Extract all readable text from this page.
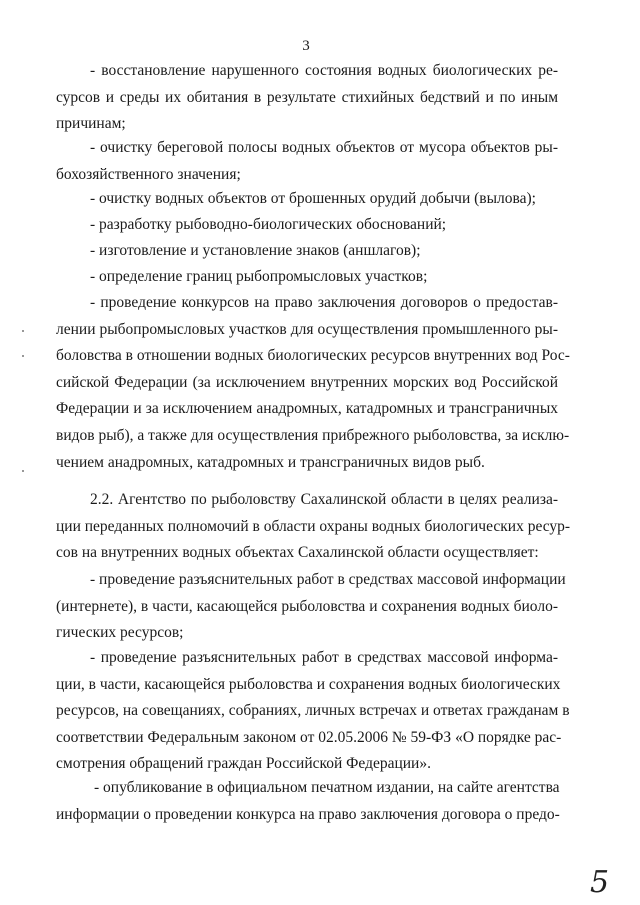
3
- восстановление нарушенного состояния водных биологических ре-
сурсов и среды их обитания в результате стихийных бедствий и по иным
причинам;
- очистку береговой полосы водных объектов от мусора объектов ры-
бохозяйственного значения;
- очистку водных объектов от брошенных орудий добычи (вылова);
- разработку рыбоводно-биологических обоснований;
- изготовление и установление знаков (аншлагов);
- определение границ рыбопромысловых участков;
- проведение конкурсов на право заключения договоров о предостав-
лении рыбопромысловых участков для осуществления промышленного ры-
боловства в отношении водных биологических ресурсов внутренних вод Рос-
сийской Федерации (за исключением внутренних морских вод Российской
Федерации и за исключением анадромных, катадромных и трансграничных
видов рыб), а также для осуществления прибрежного рыболовства, за исклю-
чением анадромных, катадромных и трансграничных видов рыб.
2.2. Агентство по рыболовству Сахалинской области в целях реализа-
ции переданных полномочий в области охраны водных биологических ресур-
сов на внутренних водных объектах Сахалинской области осуществляет:
- проведение разъяснительных работ в средствах массовой информации
(интернете), в части, касающейся рыболовства и сохранения водных биоло-
гических ресурсов;
- проведение разъяснительных работ в средствах массовой информа-
ции, в части, касающейся рыболовства и сохранения водных биологических
ресурсов, на совещаниях, собраниях, личных встречах и ответах гражданам в
соответствии Федеральным законом от 02.05.2006 № 59-ФЗ «О порядке рас-
смотрения обращений граждан Российской Федерации».
- опубликование в официальном печатном издании, на сайте агентства
информации о проведении конкурса на право заключения договора о предо-
5
